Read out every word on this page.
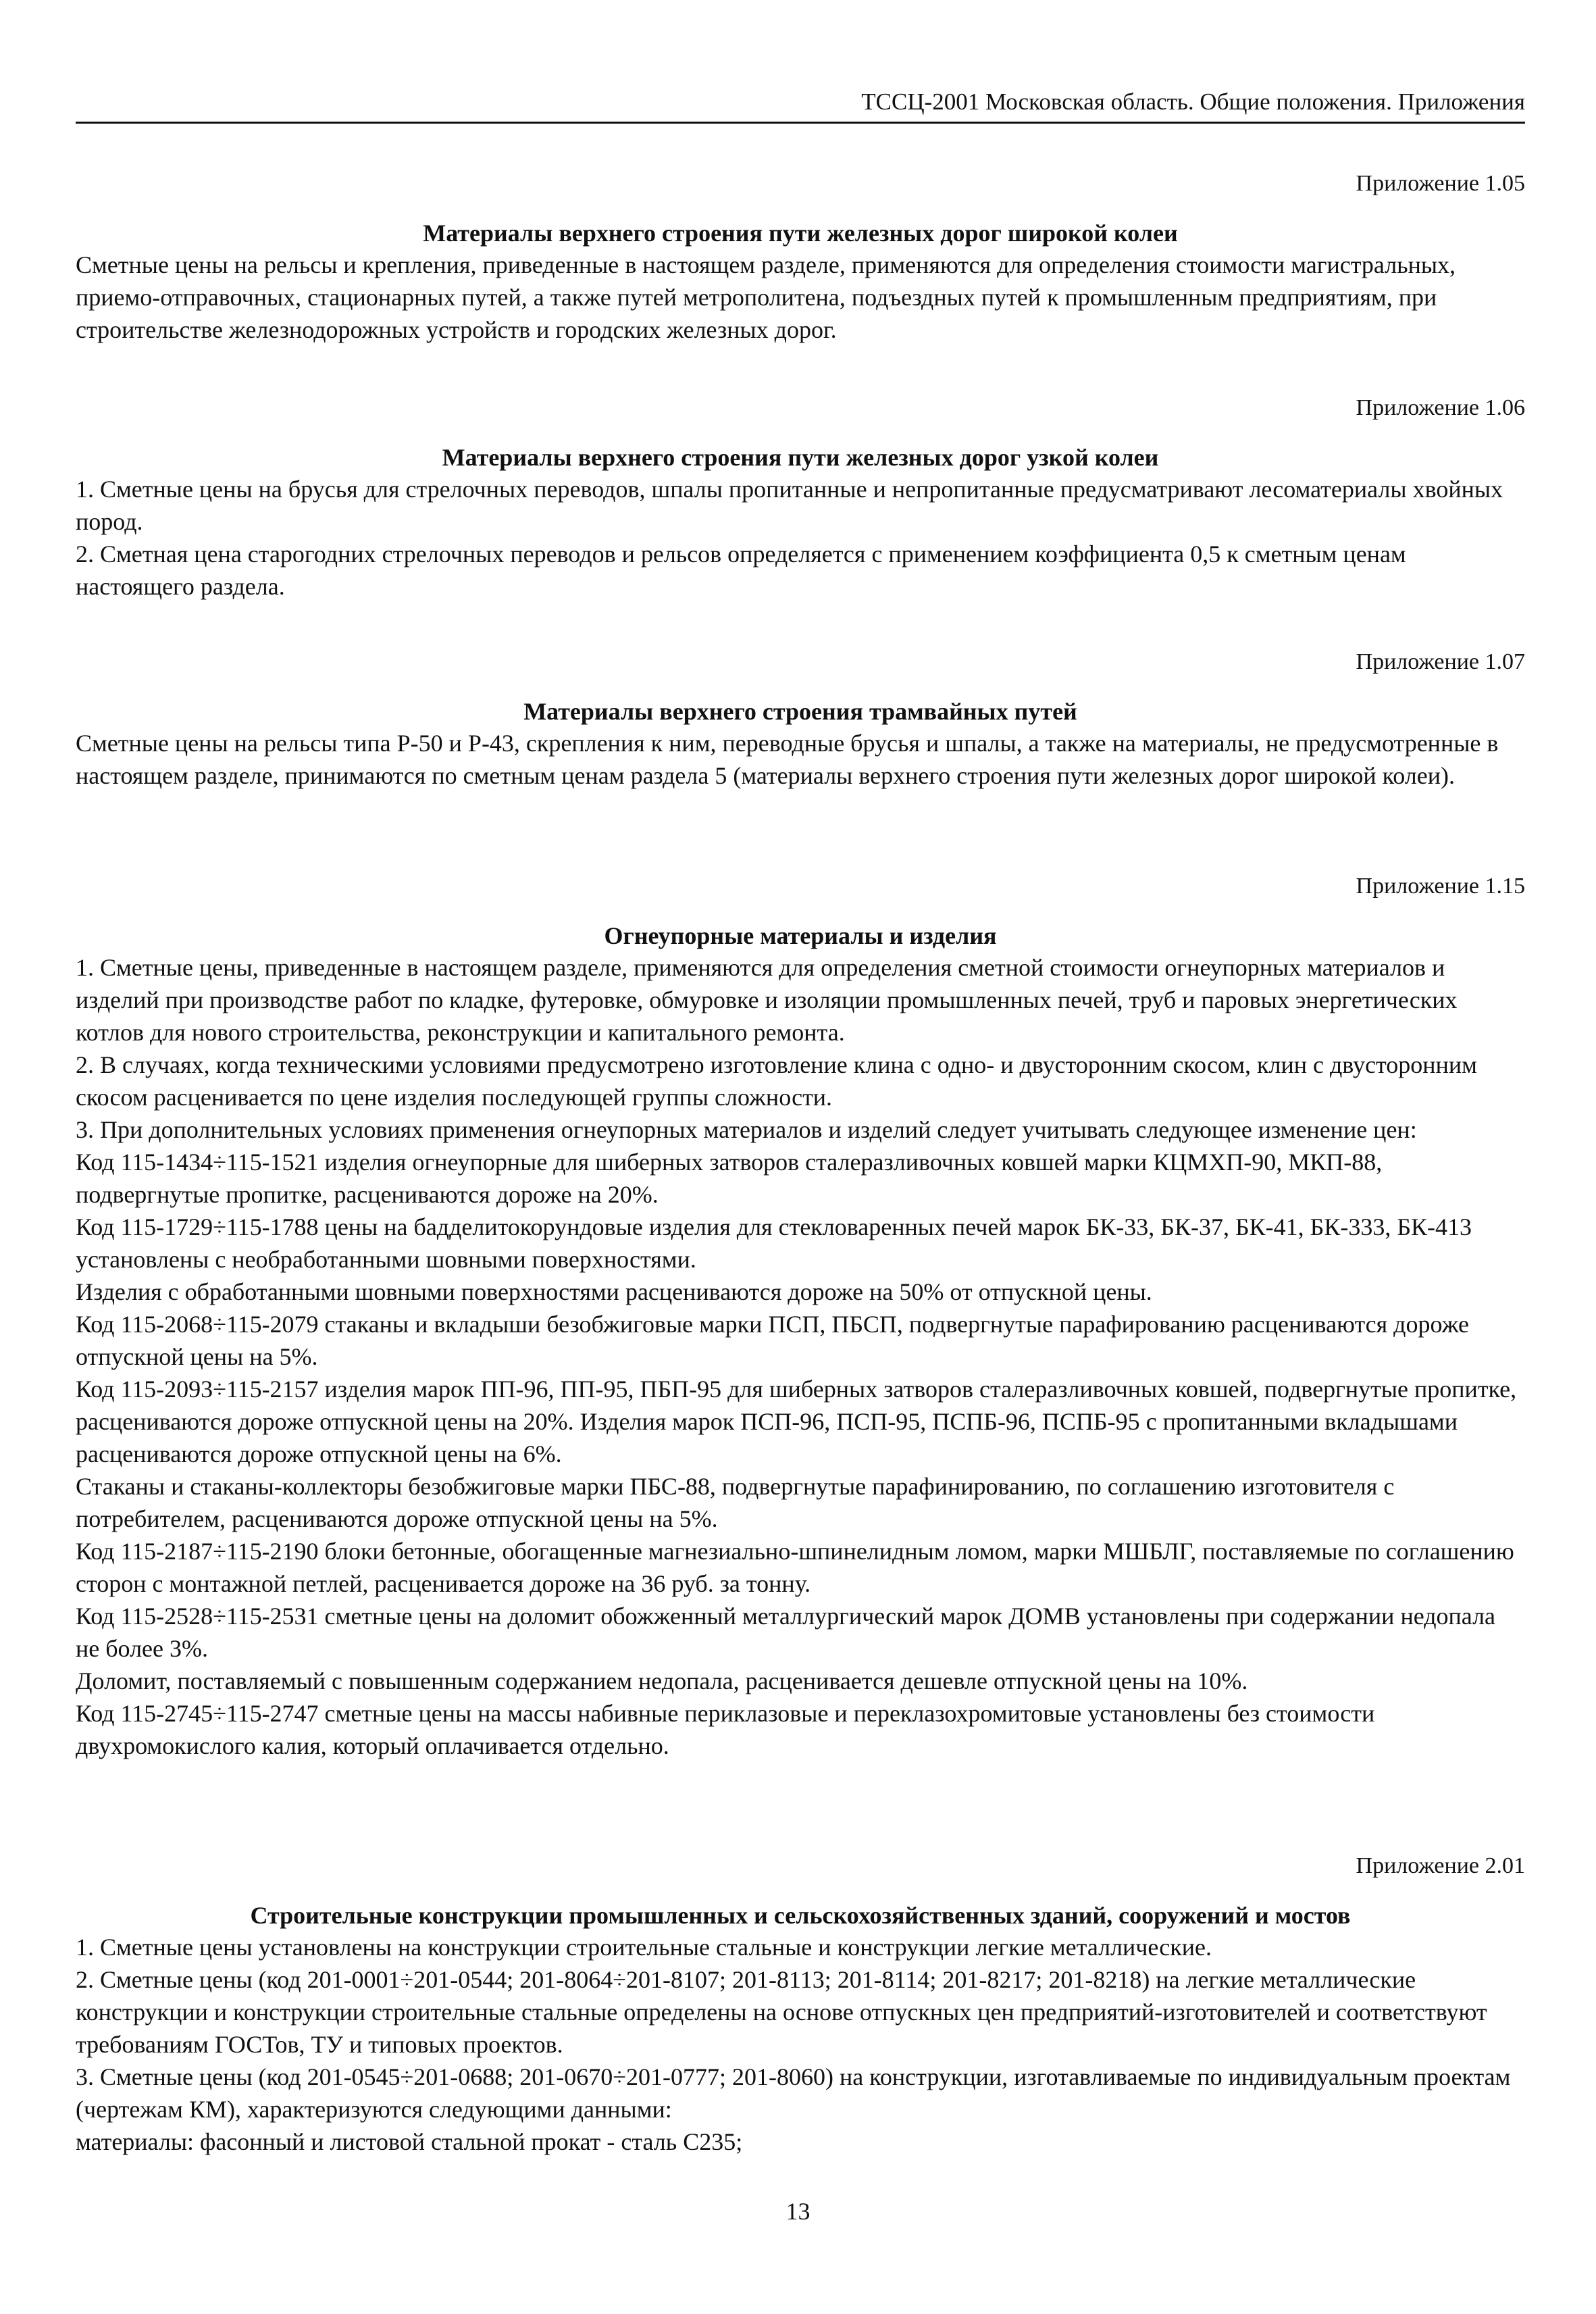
ТССЦ-2001 Московская область. Общие положения. Приложения
Приложение 1.05
Материалы верхнего строения пути железных дорог широкой колеи

Сметные цены на рельсы и крепления, приведенные в настоящем разделе, применяются для определения стоимости магистральных, приемо-отправочных, стационарных путей, а также путей метрополитена, подъездных путей к промышленным предприятиям, при строительстве железнодорожных устройств и городских железных дорог.

Приложение 1.06
Материалы верхнего строения пути железных дорог узкой колеи

1. Сметные цены на брусья для стрелочных переводов, шпалы пропитанные и непропитанные предусматривают лесоматериалы хвойных пород.

2. Сметная цена старогодних стрелочных переводов и рельсов определяется с применением коэффициента 0,5 к сметным ценам настоящего раздела.

Приложение 1.07
Материалы верхнего строения трамвайных путей

Сметные цены на рельсы типа Р-50 и Р-43, скрепления к ним, переводные брусья и шпалы, а также на материалы, не предусмотренные в настоящем разделе, принимаются по сметным ценам раздела 5 (материалы верхнего строения пути железных дорог широкой колеи).

Приложение 1.15
Огнеупорные материалы и изделия

1. Сметные цены, приведенные в настоящем разделе, применяются для определения сметной стоимости огнеупорных материалов и изделий при производстве работ по кладке, футеровке, обмуровке и изоляции промышленных печей, труб и паровых энергетических котлов для нового строительства, реконструкции и капитального ремонта.

2. В случаях, когда техническими условиями предусмотрено изготовление клина с одно- и двусторонним скосом, клин с двусторонним скосом расценивается по цене изделия последующей группы сложности.

3. При дополнительных условиях применения огнеупорных материалов и изделий следует учитывать следующее изменение цен:

Код 115-1434÷115-1521 изделия огнеупорные для шиберных затворов сталеразливочных ковшей марки КЦМХП-90, МКП-88, подвергнутые пропитке, расцениваются дороже на 20%.

Код 115-1729÷115-1788 цены на бадделитокорундовые изделия для стекловаренных печей марок БК-33, БК-37, БК-41, БК-333, БК-413 установлены с необработанными шовными поверхностями.

Изделия с обработанными шовными поверхностями расцениваются дороже на 50% от отпускной цены.

Код 115-2068÷115-2079 стаканы и вкладыши безобжиговые марки ПСП, ПБСП, подвергнутые парафированию расцениваются дороже отпускной цены на 5%.

Код 115-2093÷115-2157 изделия марок ПП-96, ПП-95, ПБП-95 для шиберных затворов сталеразливочных ковшей, подвергнутые пропитке, расцениваются дороже отпускной цены на 20%. Изделия марок ПСП-96, ПСП-95, ПСПБ-96, ПСПБ-95 с пропитанными вкладышами расцениваются дороже отпускной цены на 6%.

Стаканы и стаканы-коллекторы безобжиговые марки ПБС-88, подвергнутые парафинированию, по соглашению изготовителя с потребителем, расцениваются дороже отпускной цены на 5%.

Код 115-2187÷115-2190 блоки бетонные, обогащенные магнезиально-шпинелидным ломом, марки МШБЛГ, поставляемые по соглашению сторон с монтажной петлей, расценивается дороже на 36 руб. за тонну.

Код 115-2528÷115-2531 сметные цены на доломит обожженный металлургический марок ДОМВ установлены при содержании недопала не более 3%.

Доломит, поставляемый с повышенным содержанием недопала, расценивается дешевле отпускной цены на 10%.

Код 115-2745÷115-2747 сметные цены на массы набивные периклазовые и переклазохромитовые установлены без стоимости двухромокислого калия, который оплачивается отдельно.

Приложение 2.01
Строительные конструкции промышленных и сельскохозяйственных зданий, сооружений и мостов

1. Сметные цены установлены на конструкции строительные стальные и конструкции легкие металлические.

2. Сметные цены (код 201-0001÷201-0544; 201-8064÷201-8107; 201-8113; 201-8114; 201-8217; 201-8218) на легкие металлические конструкции и конструкции строительные стальные определены на основе отпускных цен предприятий-изготовителей и соответствуют требованиям ГОСТов, ТУ и типовых проектов.

3. Сметные цены (код 201-0545÷201-0688; 201-0670÷201-0777; 201-8060) на конструкции, изготавливаемые по индивидуальным проектам (чертежам КМ), характеризуются следующими данными:

материалы: фасонный и листовой стальной прокат - сталь С235;

13
